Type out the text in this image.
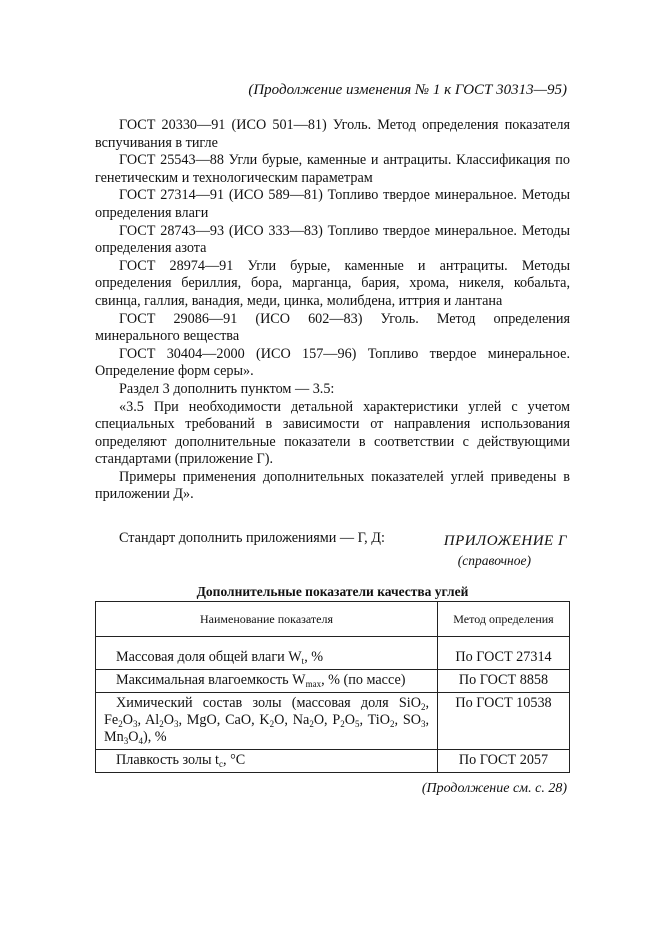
(Продолжение изменения № 1 к ГОСТ 30313—95)

ГОСТ 20330—91 (ИСО 501—81) Уголь. Метод определения показателя вспучивания в тигле

ГОСТ 25543—88 Угли бурые, каменные и антрациты. Классификация по генетическим и технологическим параметрам

ГОСТ 27314—91 (ИСО 589—81) Топливо твердое минеральное. Методы определения влаги

ГОСТ 28743—93 (ИСО 333—83) Топливо твердое минеральное. Методы определения азота

ГОСТ 28974—91 Угли бурые, каменные и антрациты. Методы определения бериллия, бора, марганца, бария, хрома, никеля, кобальта, свинца, галлия, ванадия, меди, цинка, молибдена, иттрия и лантана

ГОСТ 29086—91 (ИСО 602—83) Уголь. Метод определения минерального вещества

ГОСТ 30404—2000 (ИСО 157—96) Топливо твердое минеральное. Определение форм серы».

Раздел 3 дополнить пунктом — 3.5:

«3.5 При необходимости детальной характеристики углей с учетом специальных требований в зависимости от направления использования определяют дополнительные показатели в соответствии с действующими стандартами (приложение Г).

Примеры применения дополнительных показателей углей приведены в приложении Д».

Стандарт дополнить приложениями — Г, Д:	ПРИЛОЖЕНИЕ Г
(справочное)
Дополнительные показатели качества углей
Наименование показателя	Метод определения
Массовая доля общей влаги $W_t$, %	По ГОСТ 27314
Максимальная влагоемкость $W_{max}$, % (по массе)	По ГОСТ 8858
Химический состав золы (массовая доля SiO$_2$, $Fe_2O_3$, $Al_2O_3$, MgO, CaO, $K_2O$, $Na_2O$, $P_2O_5$, TiO$_2$, $SO_3$, $Mn_3O_4$), %	По ГОСТ 10538
Плавкость золы $t_c$, °C	По ГОСТ 2057
(Продолжение см. с. 28)
